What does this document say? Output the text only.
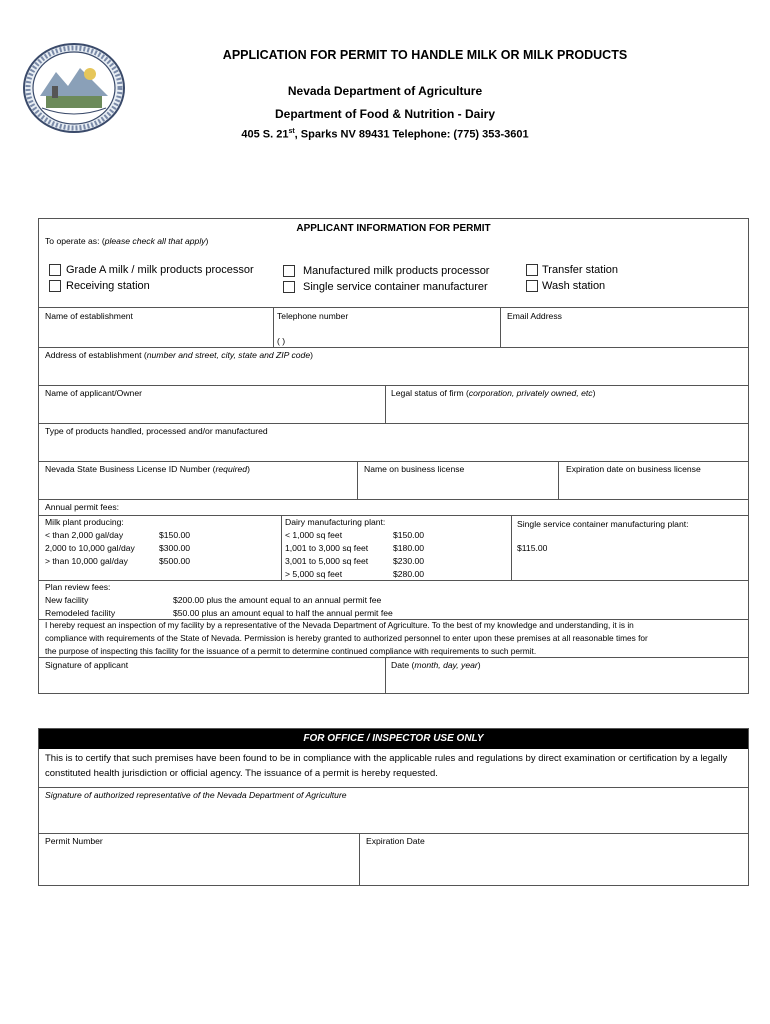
APPLICATION FOR PERMIT TO HANDLE MILK OR MILK PRODUCTS
Nevada Department of Agriculture
Department of Food & Nutrition - Dairy
405 S. 21st, Sparks NV 89431 Telephone: (775) 353-3601
APPLICANT INFORMATION FOR PERMIT
To operate as: (please check all that apply)
Grade A milk / milk products processor
Receiving station
Manufactured milk products processor
Single service container manufacturer
Transfer station
Wash station
Name of establishment	Telephone number
( )
Email Address
Address of establishment (number and street, city, state and ZIP code)
Name of applicant/Owner	Legal status of firm (corporation, privately owned, etc)
Type of products handled, processed and/or manufactured
Nevada State Business License ID Number (required)	Name on business license	Expiration date on business license
Annual permit fees:
Milk plant producing:
< than 2,000 gal/day	$150.00
2,000 to 10,000 gal/day	$300.00
> than 10,000 gal/day	$500.00
Dairy manufacturing plant:
< 1,000 sq feet	$150.00
1,001 to 3,000 sq feet	$180.00
3,001 to 5,000 sq feet	$230.00
> 5,000 sq feet	$280.00
Single service container manufacturing plant:
$115.00
Plan review fees:
New facility	$200.00 plus the amount equal to an annual permit fee
Remodeled facility	$50.00 plus an amount equal to half the annual permit fee
I hereby request an inspection of my facility by a representative of the Nevada Department of Agriculture. To the best of my knowledge and understanding, it is in
compliance with requirements of the State of Nevada. Permission is hereby granted to authorized personnel to enter upon these premises at all reasonable times for
the purpose of inspecting this facility for the issuance of a permit to determine continued compliance with requirements to such permit.
Signature of applicant	Date (month, day, year)
FOR OFFICE / INSPECTOR USE ONLY
This is to certify that such premises have been found to be in compliance with the applicable rules and regulations by direct examination or certification by a legally constituted health jurisdiction or official agency. The issuance of a permit is hereby requested.
Signature of authorized representative of the Nevada Department of Agriculture
Permit Number	Expiration Date
